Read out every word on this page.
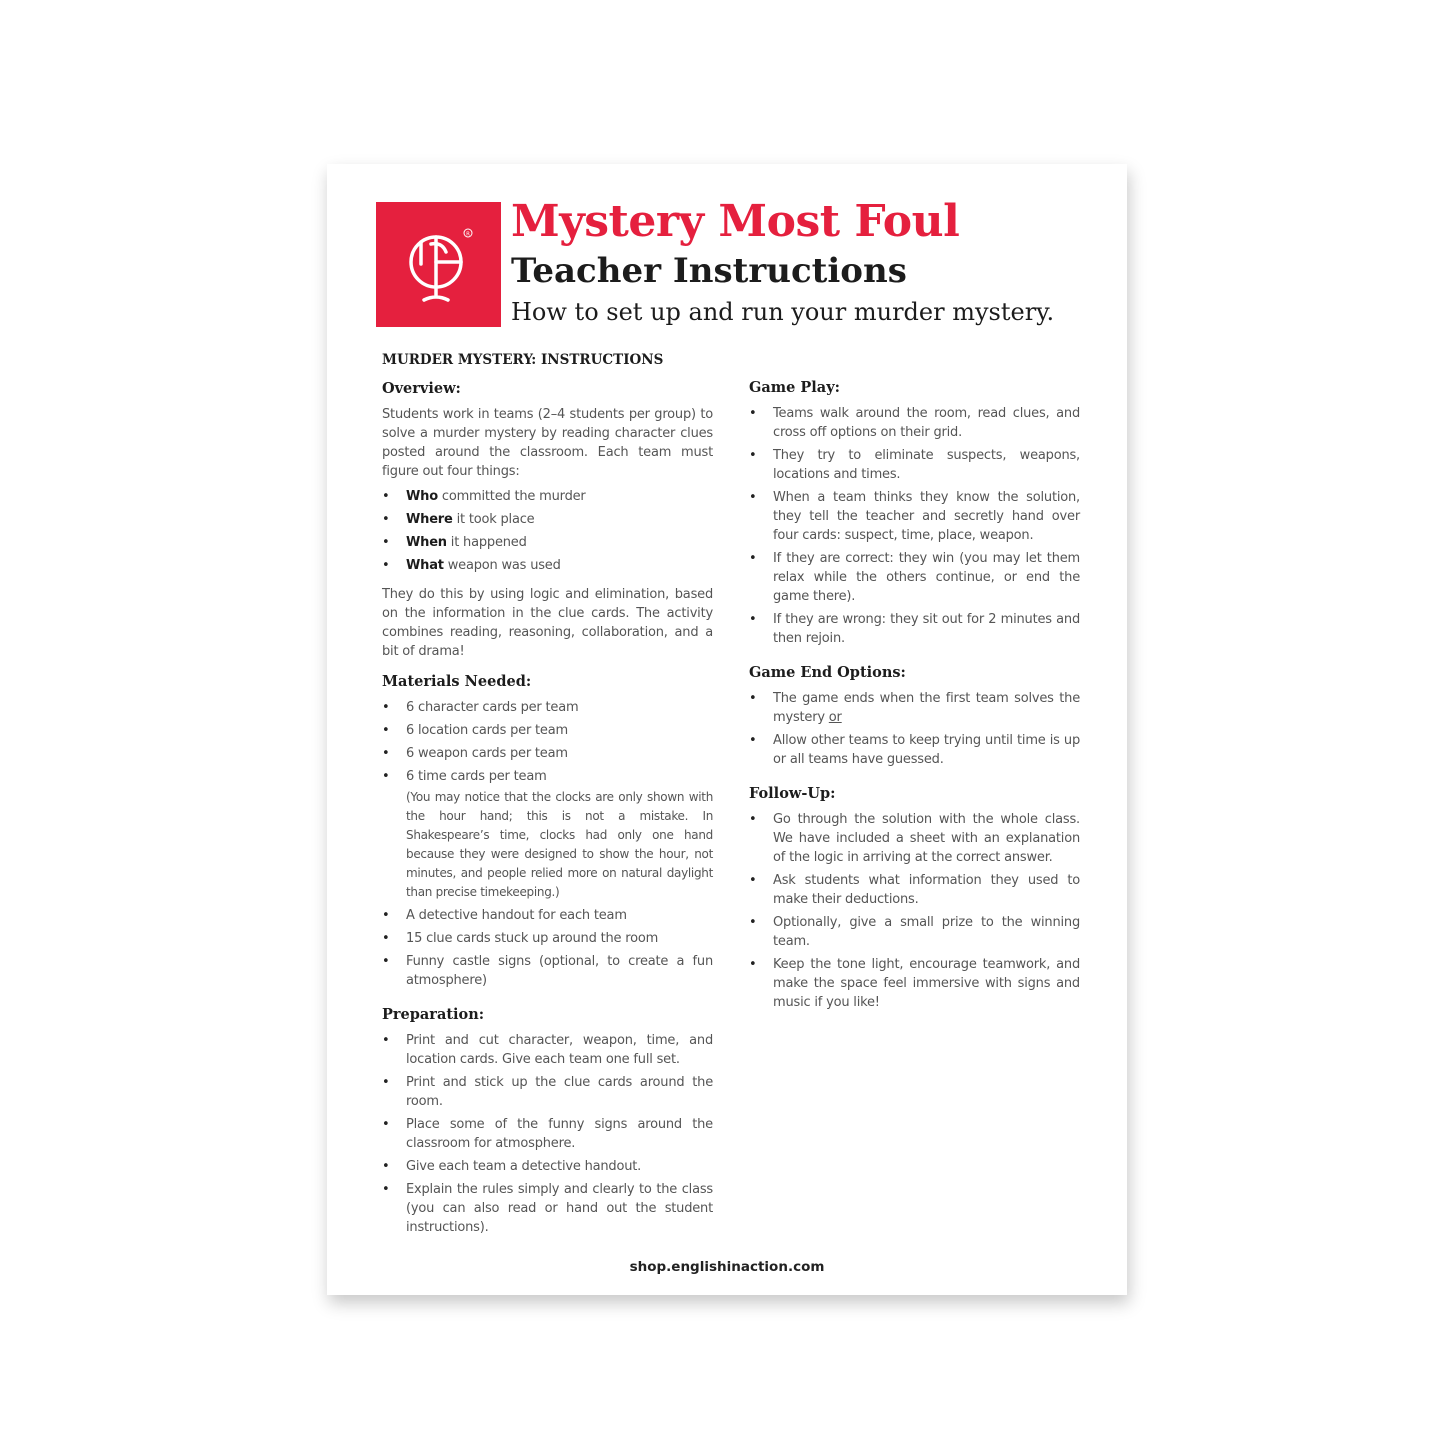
R Mystery Most Foul
Teacher Instructions

How to set up and run your murder mystery.

MURDER MYSTERY: INSTRUCTIONS
Overview:

Students work in teams (2–4 students per group) to solve a murder mystery by reading character clues posted around the classroom. Each team must figure out four things:

• Who committed the murder
• Where it took place
• When it happened
• What weapon was used

They do this by using logic and elimination, based on the information in the clue cards. The activity combines reading, reasoning, collaboration, and a bit of drama!

Materials Needed:
• 6 character cards per team
• 6 location cards per team
• 6 weapon cards per team
• 6 time cards per team

(You may notice that the clocks are only shown with the hour hand; this is not a mistake. In Shakespeare’s time, clocks had only one hand because they were designed to show the hour, not minutes, and people relied more on natural daylight than precise timekeeping.)

• A detective handout for each team
• 15 clue cards stuck up around the room
• Funny castle signs (optional, to create a fun atmosphere)
Preparation:
• Print and cut character, weapon, time, and location cards. Give each team one full set.
• Print and stick up the clue cards around the room.
• Place some of the funny signs around the classroom for atmosphere.
• Give each team a detective handout.
• Explain the rules simply and clearly to the class (you can also read or hand out the student instructions).
Game Play:
• Teams walk around the room, read clues, and cross off options on their grid.
• They try to eliminate suspects, weapons, locations and times.
• When a team thinks they know the solution, they tell the teacher and secretly hand over four cards: suspect, time, place, weapon.
• If they are correct: they win (you may let them relax while the others continue, or end the game there).
• If they are wrong: they sit out for 2 minutes and then rejoin.
Game End Options:
• The game ends when the first team solves the mystery or
• Allow other teams to keep trying until time is up or all teams have guessed.
Follow-Up:
• Go through the solution with the whole class. We have included a sheet with an explanation of the logic in arriving at the correct answer.
• Ask students what information they used to make their deductions.
• Optionally, give a small prize to the winning team.
• Keep the tone light, encourage teamwork, and make the space feel immersive with signs and music if you like!

shop.englishinaction.com
